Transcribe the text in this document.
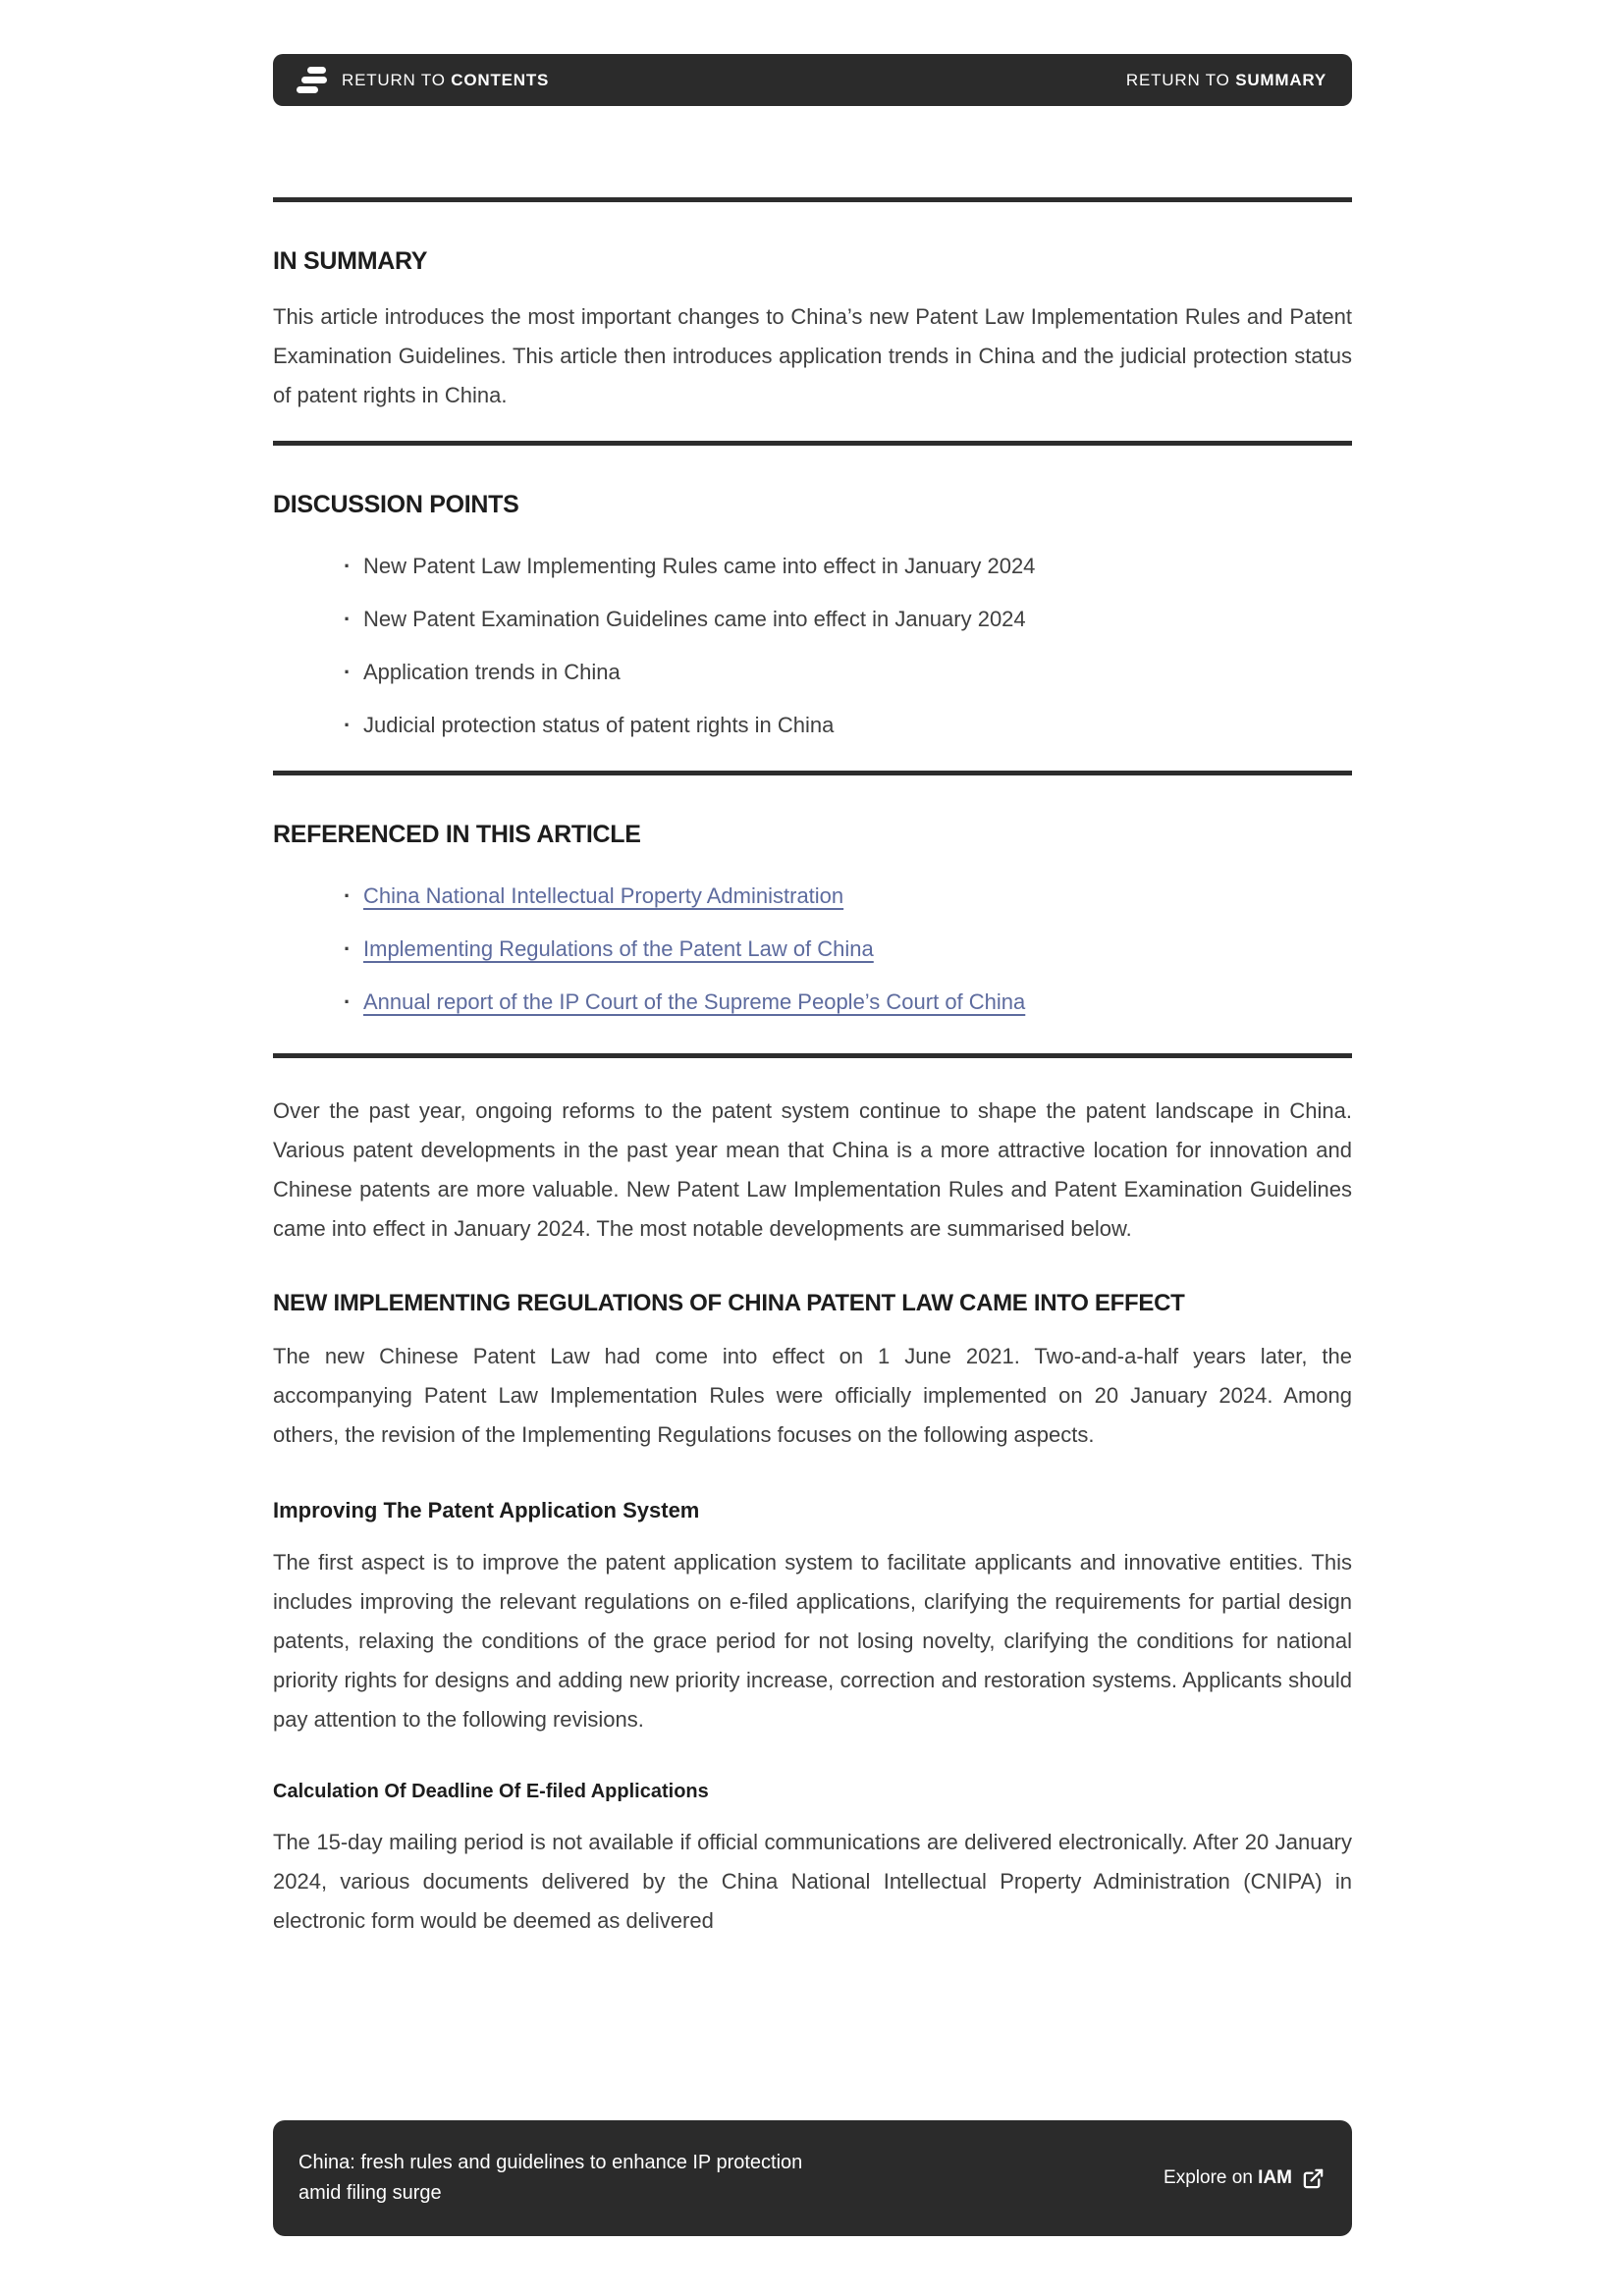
RETURN TO CONTENTS	RETURN TO SUMMARY
IN SUMMARY

This article introduces the most important changes to China’s new Patent Law Implementation Rules and Patent Examination Guidelines. This article then introduces application trends in China and the judicial protection status of patent rights in China.

DISCUSSION POINTS
· New Patent Law Implementing Rules came into effect in January 2024
· New Patent Examination Guidelines came into effect in January 2024
· Application trends in China
· Judicial protection status of patent rights in China
REFERENCED IN THIS ARTICLE
· China National Intellectual Property Administration
· Implementing Regulations of the Patent Law of China
· Annual report of the IP Court of the Supreme People’s Court of China

Over the past year, ongoing reforms to the patent system continue to shape the patent landscape in China. Various patent developments in the past year mean that China is a more attractive location for innovation and Chinese patents are more valuable. New Patent Law Implementation Rules and Patent Examination Guidelines came into effect in January 2024. The most notable developments are summarised below.

NEW IMPLEMENTING REGULATIONS OF CHINA PATENT LAW CAME INTO EFFECT

The new Chinese Patent Law had come into effect on 1 June 2021. Two-and-a-half years later, the accompanying Patent Law Implementation Rules were officially implemented on 20 January 2024. Among others, the revision of the Implementing Regulations focuses on the following aspects.

Improving The Patent Application System

The first aspect is to improve the patent application system to facilitate applicants and innovative entities. This includes improving the relevant regulations on e-filed applications, clarifying the requirements for partial design patents, relaxing the conditions of the grace period for not losing novelty, clarifying the conditions for national priority rights for designs and adding new priority increase, correction and restoration systems. Applicants should pay attention to the following revisions.

Calculation Of Deadline Of E-filed Applications

The 15-day mailing period is not available if official communications are delivered electronically. After 20 January 2024, various documents delivered by the China National Intellectual Property Administration (CNIPA) in electronic form would be deemed as delivered

China: fresh rules and guidelines to enhance IP protection
amid filing surge
Explore on IAM
